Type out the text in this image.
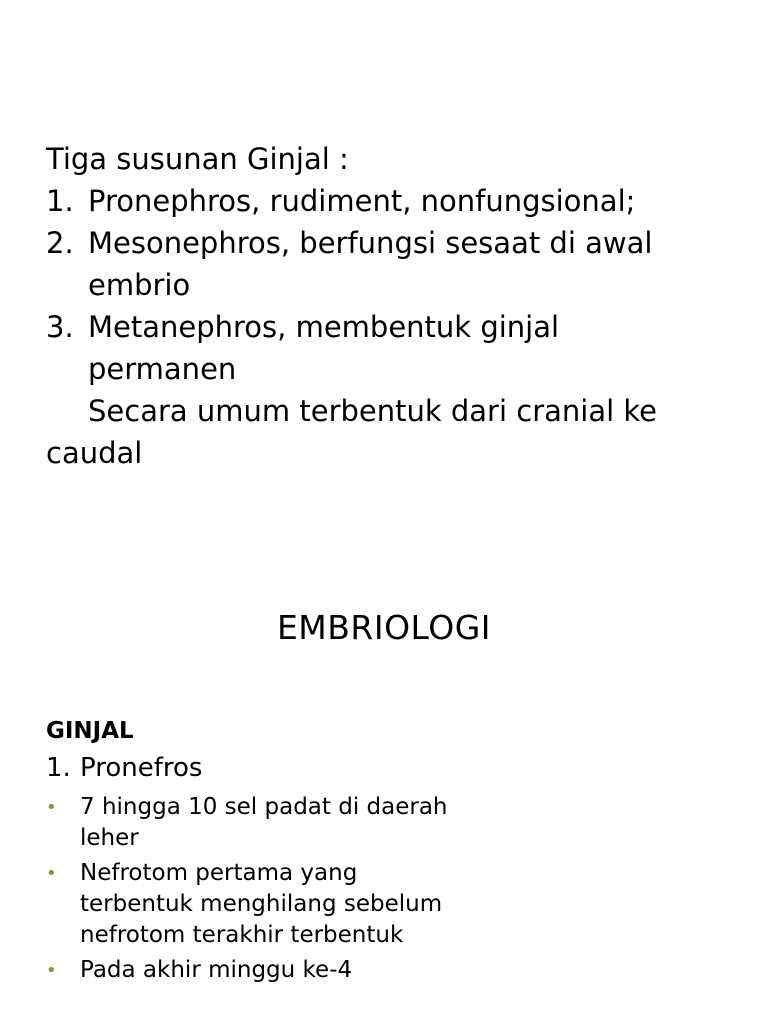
Tiga susunan Ginjal :
1. Pronephros, rudiment, nonfungsional;
2. Mesonephros, berfungsi sesaat di awal
embrio
3. Metanephros, membentuk ginjal
permanen
Secara umum terbentuk dari cranial ke
caudal
EMBRIOLOGI
GINJAL
1. Pronefros
• 7 hingga 10 sel padat di daerah leher
• Nefrotom pertama yang terbentuk menghilang sebelum nefrotom terakhir terbentuk
• Pada akhir minggu ke-4
